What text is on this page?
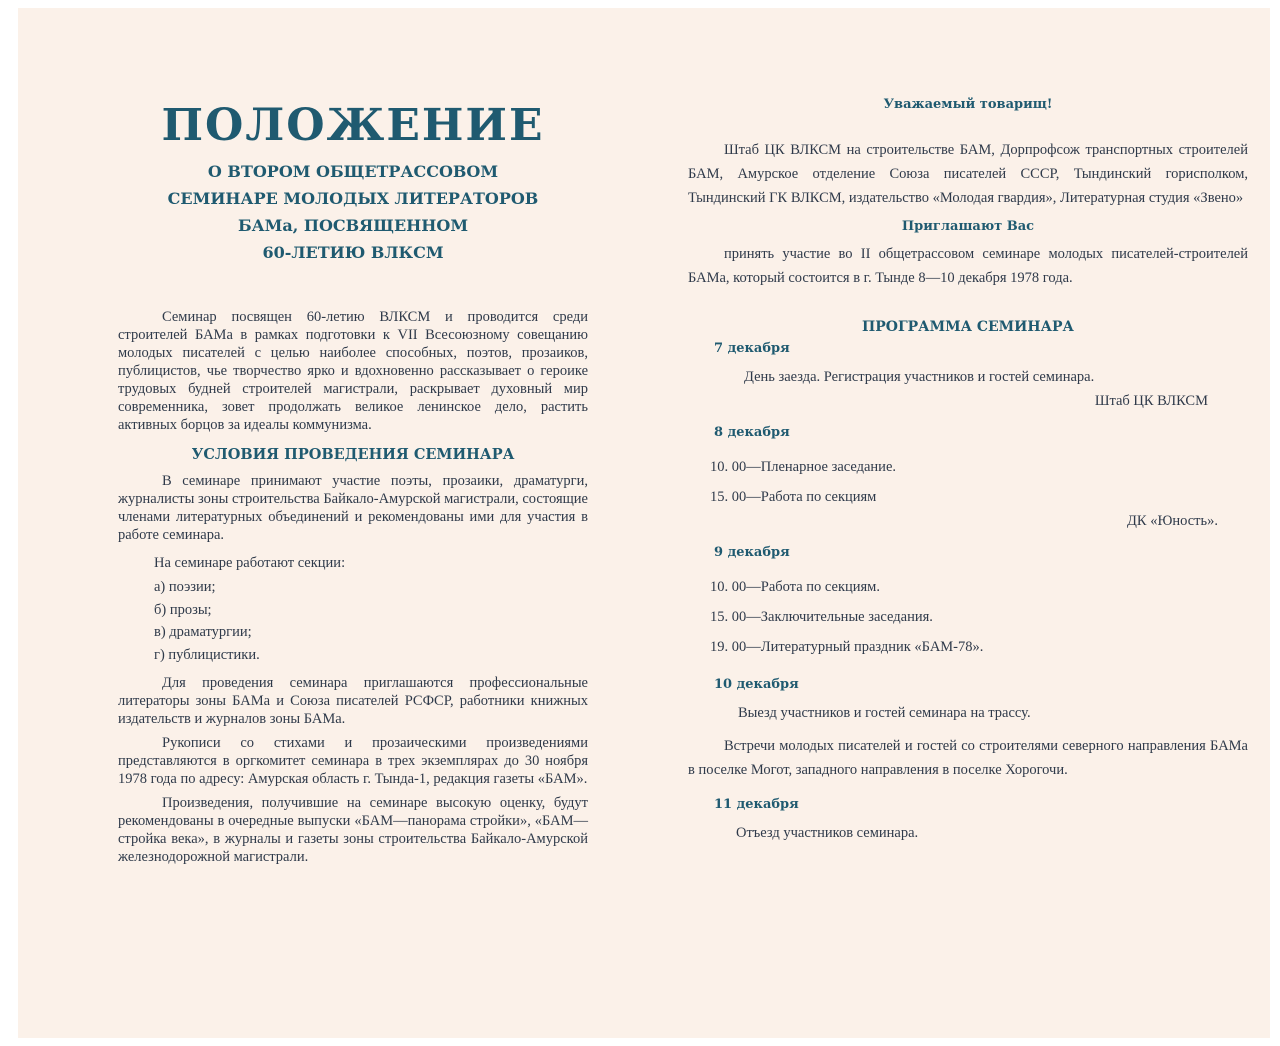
ПОЛОЖЕНИЕ
О ВТОРОМ ОБЩЕТРАССОВОМ
СЕМИНАРЕ МОЛОДЫХ ЛИТЕРАТОРОВ
БАМа, ПОСВЯЩЕННОМ
60-ЛЕТИЮ ВЛКСМ
Семинар посвящен 60-летию ВЛКСМ и проводится среди строителей БАМа в рамках подготовки к VII Всесоюзному совещанию молодых писателей с целью наиболее способных, поэтов, прозаиков, публицистов, чье творчество ярко и вдохновенно рассказывает о героике трудовых будней строителей магистрали, раскрывает духовный мир современника, зовет продолжать великое ленинское дело, растить активных борцов за идеалы коммунизма.
УСЛОВИЯ ПРОВЕДЕНИЯ СЕМИНАРА
В семинаре принимают участие поэты, прозаики, драматурги, журналисты зоны строительства Байкало-Амурской магистрали, состоящие членами литературных объединений и рекомендованы ими для участия в работе семинара.
На семинаре работают секции:
а) поэзии;
б) прозы;
в) драматургии;
г) публицистики.
Для проведения семинара приглашаются профессиональные литераторы зоны БАМа и Союза писателей РСФСР, работники книжных издательств и журналов зоны БАМа.
Рукописи со стихами и прозаическими произведениями представляются в оргкомитет семинара в трех экземплярах до 30 ноября 1978 года по адресу: Амурская область г. Тында-1, редакция газеты «БАМ».
Произведения, получившие на семинаре высокую оценку, будут рекомендованы в очередные выпуски «БАМ—панорама стройки», «БАМ—стройка века», в журналы и газеты зоны строительства Байкало-Амурской железнодорожной магистрали.
Уважаемый товарищ!
Штаб ЦК ВЛКСМ на строительстве БАМ, Дорпрофсож транспортных строителей БАМ, Амурское отделение Союза писателей СССР, Тындинский горисполком, Тындинский ГК ВЛКСМ, издательство «Молодая гвардия», Литературная студия «Звено»
Приглашают Вас
принять участие во II общетрассовом семинаре молодых писателей-строителей БАМа, который состоится в г. Тынде 8—10 декабря 1978 года.
ПРОГРАММА СЕМИНАРА
7 декабря
День заезда. Регистрация участников и гостей семинара.
Штаб ЦК ВЛКСМ
8 декабря
10. 00—Пленарное заседание.
15. 00—Работа по секциям
ДК «Юность».
9 декабря
10. 00—Работа по секциям.
15. 00—Заключительные заседания.
19. 00—Литературный праздник «БАМ-78».
10 декабря
Выезд участников и гостей семинара на трассу.
Встречи молодых писателей и гостей со строителями северного направления БАМа в поселке Могот, западного направления в поселке Хорогочи.
11 декабря
Отъезд участников семинара.
